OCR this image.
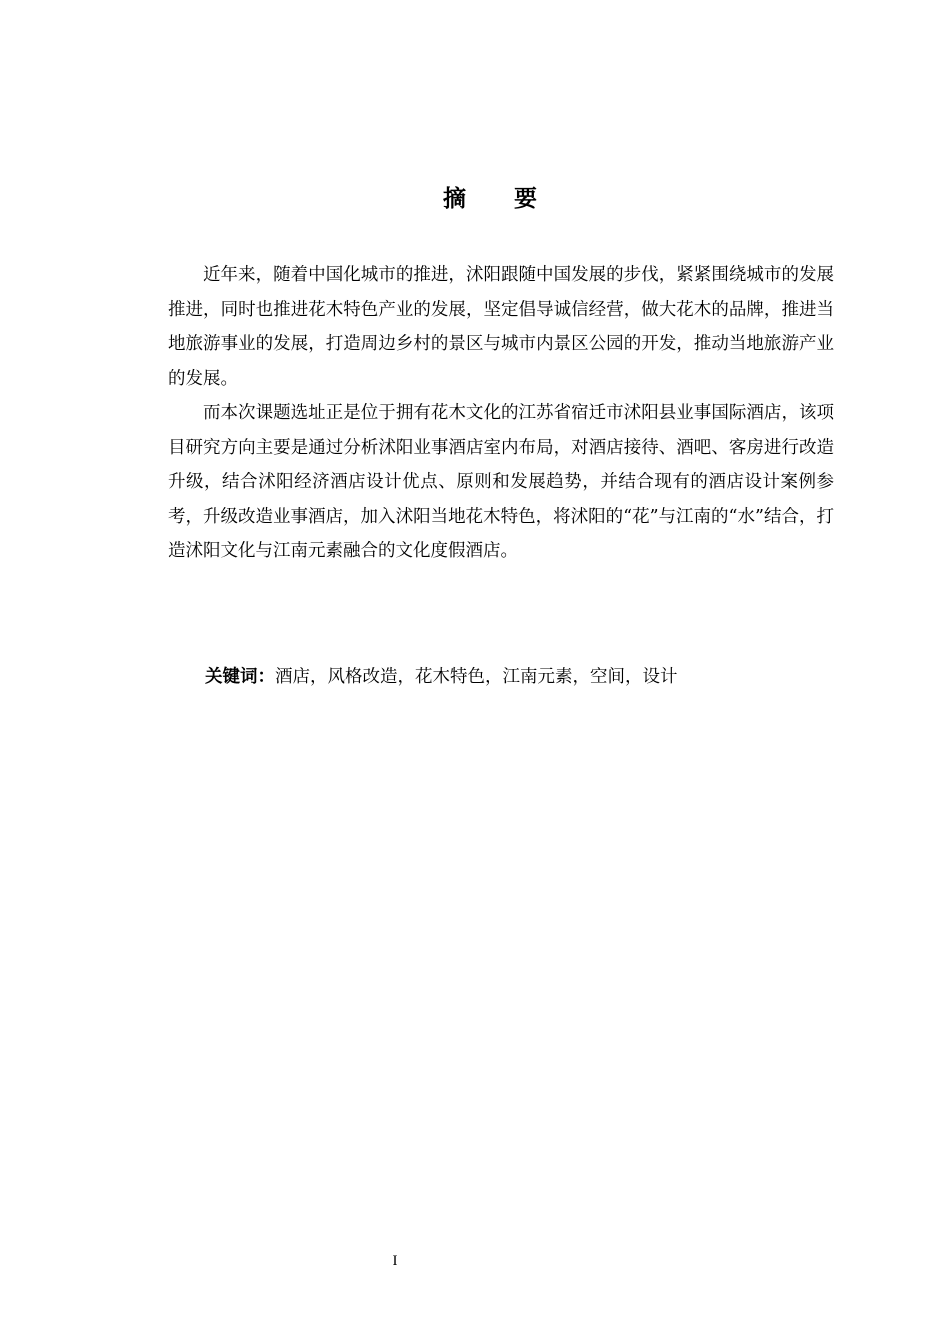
摘 要

近年来，随着中国化城市的推进，沭阳跟随中国发展的步伐，紧紧围绕城市的发展推进，同时也推进花木特色产业的发展，坚定倡导诚信经营，做大花木的品牌，推进当地旅游事业的发展，打造周边乡村的景区与城市内景区公园的开发，推动当地旅游产业的发展。

而本次课题选址正是位于拥有花木文化的江苏省宿迁市沭阳县业事国际酒店，该项目研究方向主要是通过分析沭阳业事酒店室内布局，对酒店接待、酒吧、客房进行改造升级，结合沭阳经济酒店设计优点、原则和发展趋势，并结合现有的酒店设计案例参考，升级改造业事酒店，加入沭阳当地花木特色，将沭阳的“花”与江南的“水”结合，打造沭阳文化与江南元素融合的文化度假酒店。

关键词：酒店，风格改造，花木特色，江南元素，空间，设计
I
